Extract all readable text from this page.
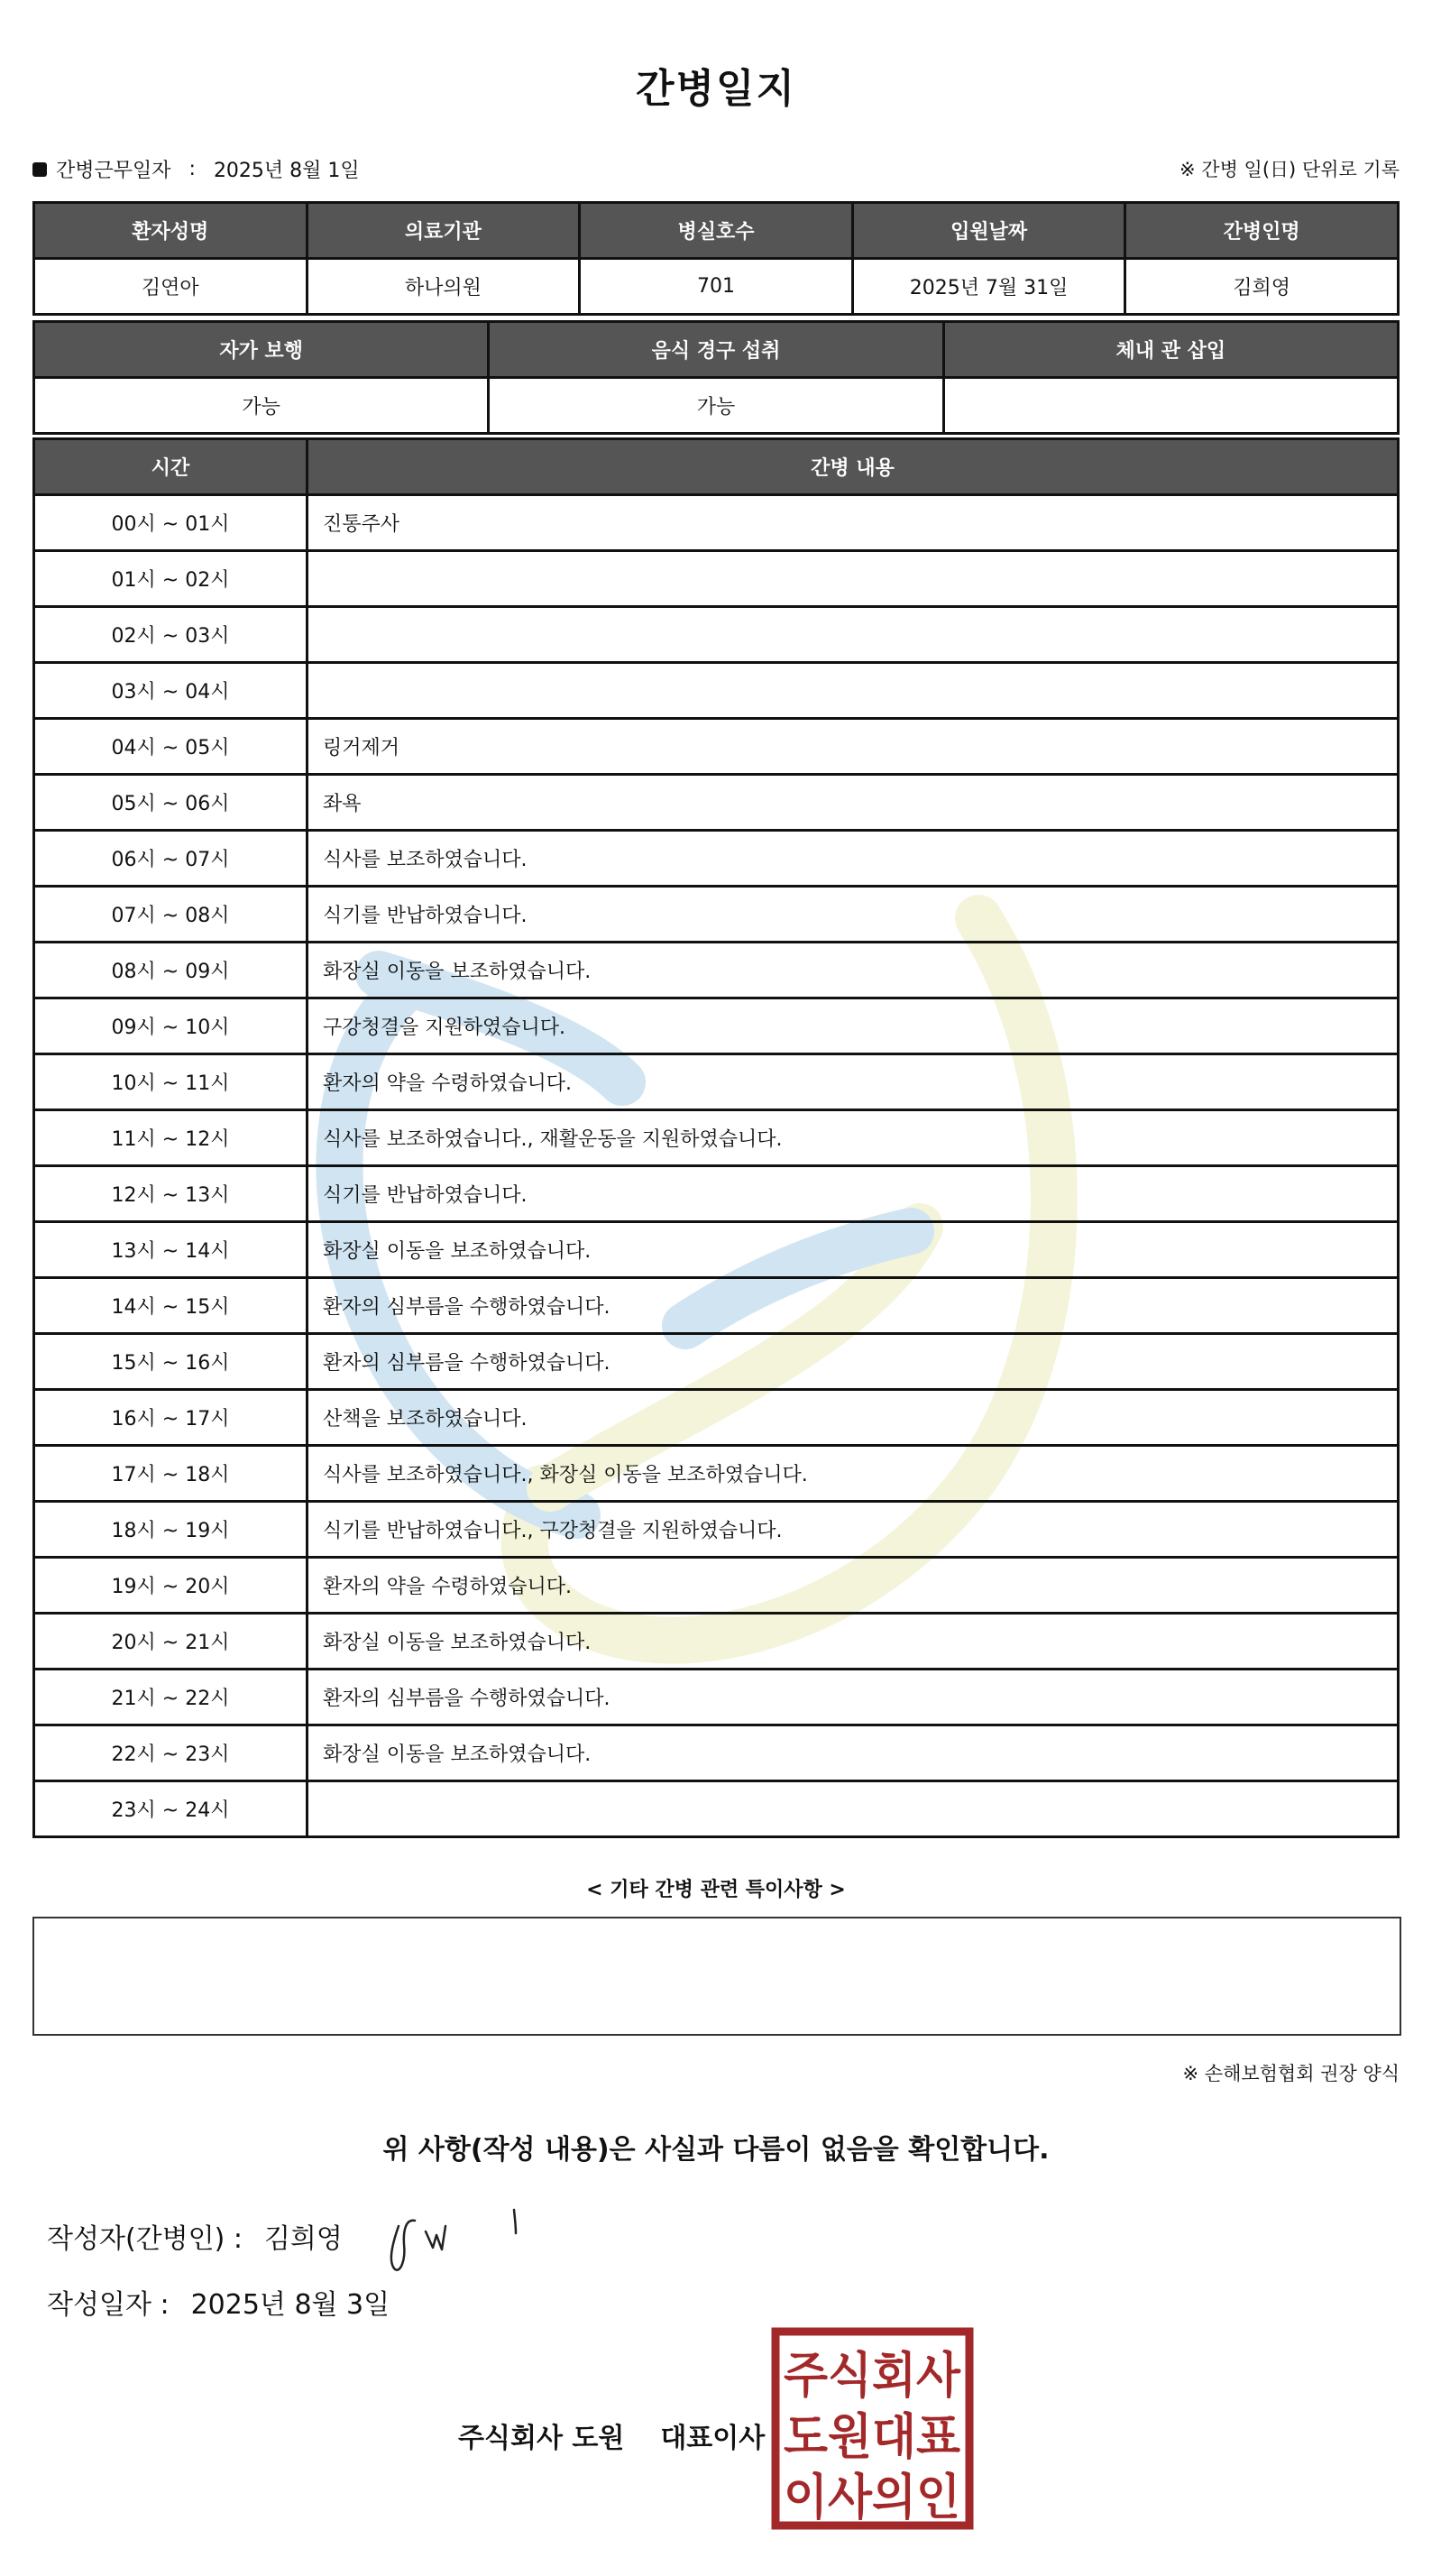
간병일지
간병근무일자 : 2025년 8월 1일	※ 간병 일(日) 단위로 기록
환자성명	의료기관	병실호수	입원날짜	간병인명
김연아	하나의원	701	2025년 7월 31일	김희영
자가 보행	음식 경구 섭취	체내 관 삽입
가능	가능	
시간	간병 내용
00시 ~ 01시	진통주사
01시 ~ 02시	
02시 ~ 03시	
03시 ~ 04시	
04시 ~ 05시	링거제거
05시 ~ 06시	좌욕
06시 ~ 07시	식사를 보조하였습니다.
07시 ~ 08시	식기를 반납하였습니다.
08시 ~ 09시	화장실 이동을 보조하였습니다.
09시 ~ 10시	구강청결을 지원하였습니다.
10시 ~ 11시	환자의 약을 수령하였습니다.
11시 ~ 12시	식사를 보조하였습니다., 재활운동을 지원하였습니다.
12시 ~ 13시	식기를 반납하였습니다.
13시 ~ 14시	화장실 이동을 보조하였습니다.
14시 ~ 15시	환자의 심부름을 수행하였습니다.
15시 ~ 16시	환자의 심부름을 수행하였습니다.
16시 ~ 17시	산책을 보조하였습니다.
17시 ~ 18시	식사를 보조하였습니다., 화장실 이동을 보조하였습니다.
18시 ~ 19시	식기를 반납하였습니다., 구강청결을 지원하였습니다.
19시 ~ 20시	환자의 약을 수령하였습니다.
20시 ~ 21시	화장실 이동을 보조하였습니다.
21시 ~ 22시	환자의 심부름을 수행하였습니다.
22시 ~ 23시	화장실 이동을 보조하였습니다.
23시 ~ 24시	
< 기타 간병 관련 특이사항 >
※ 손해보험협회 권장 양식
위 사항(작성 내용)은 사실과 다름이 없음을 확인합니다.
작성자(간병인) : 김희영
작성일자 : 2025년 8월 3일
주식회사 도원 대표이사
주식회사
도원대표
이사의인
